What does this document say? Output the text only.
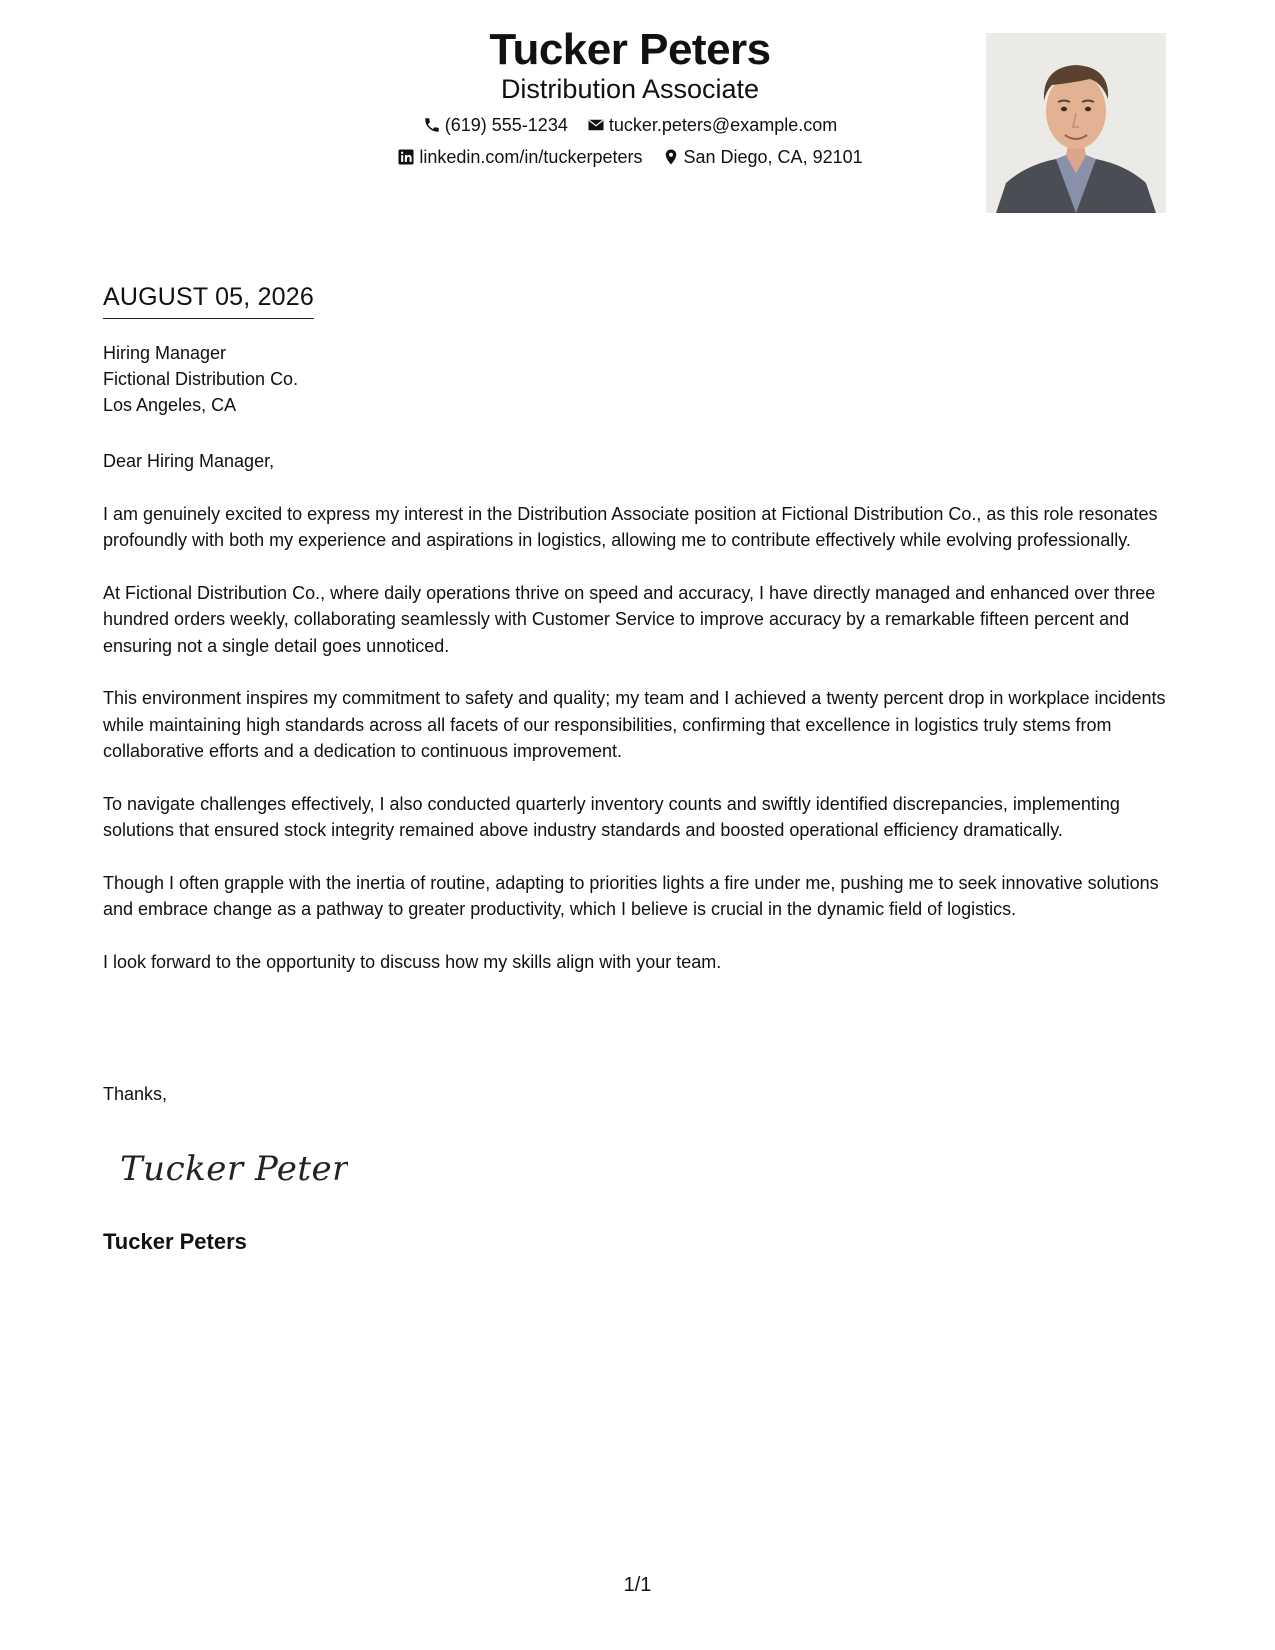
Tucker Peters
Distribution Associate
(619) 555-1234
tucker.peters@example.com
linkedin.com/in/tuckerpeters
San Diego, CA, 92101
AUGUST 05, 2026
Hiring Manager
Fictional Distribution Co.
Los Angeles, CA

Dear Hiring Manager,

I am genuinely excited to express my interest in the Distribution Associate position at Fictional Distribution Co., as this role resonates profoundly with both my experience and aspirations in logistics, allowing me to contribute effectively while evolving professionally.

At Fictional Distribution Co., where daily operations thrive on speed and accuracy, I have directly managed and enhanced over three hundred orders weekly, collaborating seamlessly with Customer Service to improve accuracy by a remarkable fifteen percent and ensuring not a single detail goes unnoticed.

This environment inspires my commitment to safety and quality; my team and I achieved a twenty percent drop in workplace incidents while maintaining high standards across all facets of our responsibilities, confirming that excellence in logistics truly stems from collaborative efforts and a dedication to continuous improvement.

To navigate challenges effectively, I also conducted quarterly inventory counts and swiftly identified discrepancies, implementing solutions that ensured stock integrity remained above industry standards and boosted operational efficiency dramatically.

Though I often grapple with the inertia of routine, adapting to priorities lights a fire under me, pushing me to seek innovative solutions and embrace change as a pathway to greater productivity, which I believe is crucial in the dynamic field of logistics.

I look forward to the opportunity to discuss how my skills align with your team.

Thanks,
Tucker Peters
Tucker Peters
1/1
